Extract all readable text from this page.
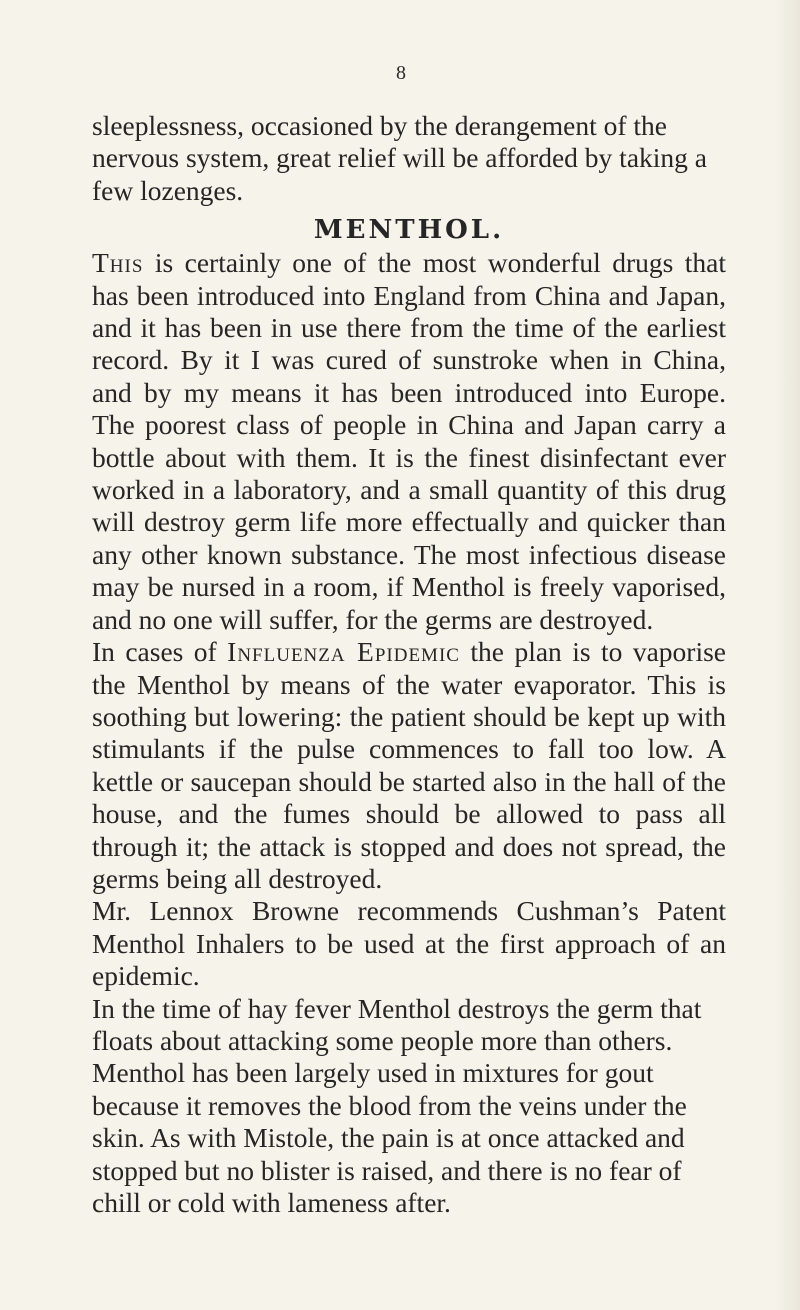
8

sleeplessness, occasioned by the derangement of the nervous system, great relief will be afforded by taking a few lozenges.

MENTHOL.

This is certainly one of the most wonderful drugs that has been introduced into England from China and Japan, and it has been in use there from the time of the earliest record. By it I was cured of sunstroke when in China, and by my means it has been introduced into Europe. The poorest class of people in China and Japan carry a bottle about with them. It is the finest disinfectant ever worked in a laboratory, and a small quantity of this drug will destroy germ life more effectually and quicker than any other known substance. The most infectious disease may be nursed in a room, if Menthol is freely vaporised, and no one will suffer, for the germs are destroyed.

In cases of Influenza Epidemic the plan is to vaporise the Menthol by means of the water evaporator. This is soothing but lowering: the patient should be kept up with stimulants if the pulse commences to fall too low. A kettle or saucepan should be started also in the hall of the house, and the fumes should be allowed to pass all through it; the attack is stopped and does not spread, the germs being all destroyed.

Mr. Lennox Browne recommends Cushman’s Patent Menthol Inhalers to be used at the first approach of an epidemic.

In the time of hay fever Menthol destroys the germ that floats about attacking some people more than others. Menthol has been largely used in mixtures for gout because it removes the blood from the veins under the skin. As with Mistole, the pain is at once attacked and stopped but no blister is raised, and there is no fear of chill or cold with lameness after.
